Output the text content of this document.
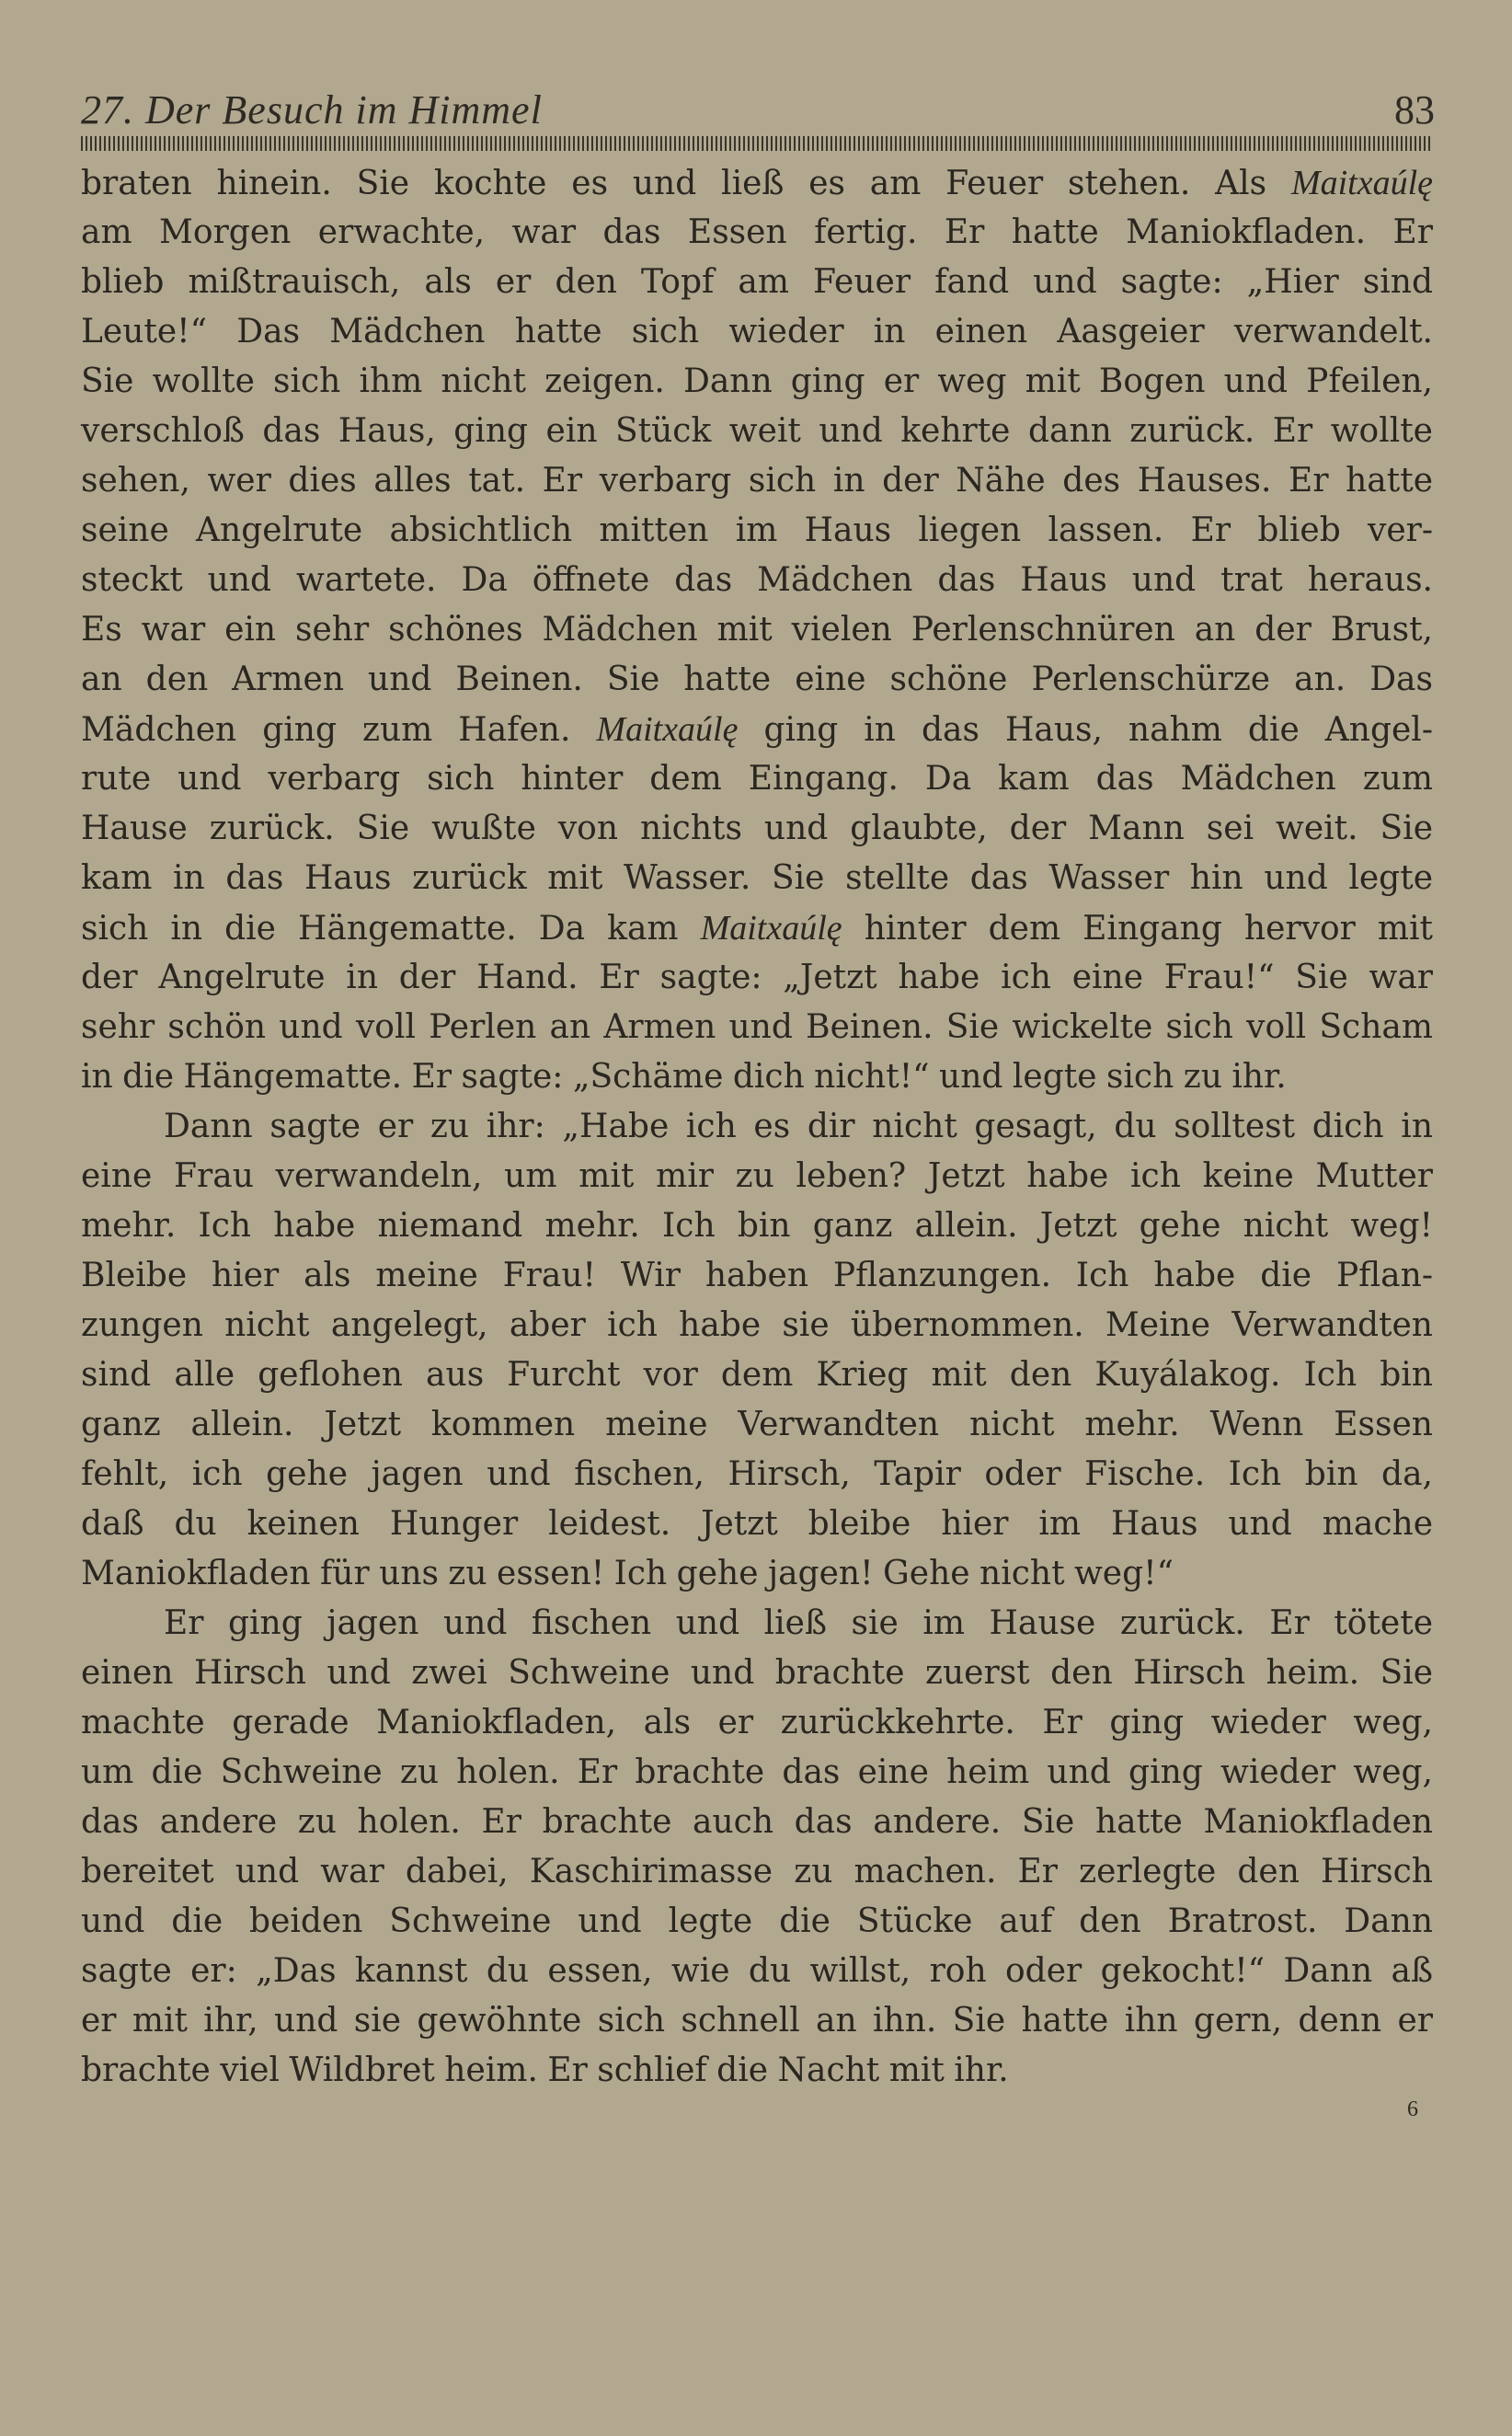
27. Der Besuch im Himmel	83
braten hinein. Sie kochte es und ließ es am Feuer stehen. Als Maitxaúlę
am Morgen erwachte, war das Essen fertig. Er hatte Maniokfladen. Er
blieb mißtrauisch, als er den Topf am Feuer fand und sagte: „Hier sind
Leute!“ Das Mädchen hatte sich wieder in einen Aasgeier verwandelt.
Sie wollte sich ihm nicht zeigen. Dann ging er weg mit Bogen und Pfeilen,
verschloß das Haus, ging ein Stück weit und kehrte dann zurück. Er wollte
sehen, wer dies alles tat. Er verbarg sich in der Nähe des Hauses. Er hatte
seine Angelrute absichtlich mitten im Haus liegen lassen. Er blieb ver-
steckt und wartete. Da öffnete das Mädchen das Haus und trat heraus.
Es war ein sehr schönes Mädchen mit vielen Perlenschnüren an der Brust,
an den Armen und Beinen. Sie hatte eine schöne Perlenschürze an. Das
Mädchen ging zum Hafen. Maitxaúlę ging in das Haus, nahm die Angel-
rute und verbarg sich hinter dem Eingang. Da kam das Mädchen zum
Hause zurück. Sie wußte von nichts und glaubte, der Mann sei weit. Sie
kam in das Haus zurück mit Wasser. Sie stellte das Wasser hin und legte
sich in die Hängematte. Da kam Maitxaúlę hinter dem Eingang hervor mit
der Angelrute in der Hand. Er sagte: „Jetzt habe ich eine Frau!“ Sie war
sehr schön und voll Perlen an Armen und Beinen. Sie wickelte sich voll Scham
in die Hängematte. Er sagte: „Schäme dich nicht!“ und legte sich zu ihr.
Dann sagte er zu ihr: „Habe ich es dir nicht gesagt, du solltest dich in
eine Frau verwandeln, um mit mir zu leben? Jetzt habe ich keine Mutter
mehr. Ich habe niemand mehr. Ich bin ganz allein. Jetzt gehe nicht weg!
Bleibe hier als meine Frau! Wir haben Pflanzungen. Ich habe die Pflan-
zungen nicht angelegt, aber ich habe sie übernommen. Meine Verwandten
sind alle geflohen aus Furcht vor dem Krieg mit den Kuyálakog. Ich bin
ganz allein. Jetzt kommen meine Verwandten nicht mehr. Wenn Essen
fehlt, ich gehe jagen und fischen, Hirsch, Tapir oder Fische. Ich bin da,
daß du keinen Hunger leidest. Jetzt bleibe hier im Haus und mache
Maniokfladen für uns zu essen! Ich gehe jagen! Gehe nicht weg!“
Er ging jagen und fischen und ließ sie im Hause zurück. Er tötete
einen Hirsch und zwei Schweine und brachte zuerst den Hirsch heim. Sie
machte gerade Maniokfladen, als er zurückkehrte. Er ging wieder weg,
um die Schweine zu holen. Er brachte das eine heim und ging wieder weg,
das andere zu holen. Er brachte auch das andere. Sie hatte Maniokfladen
bereitet und war dabei, Kaschirimasse zu machen. Er zerlegte den Hirsch
und die beiden Schweine und legte die Stücke auf den Bratrost. Dann
sagte er: „Das kannst du essen, wie du willst, roh oder gekocht!“ Dann aß
er mit ihr, und sie gewöhnte sich schnell an ihn. Sie hatte ihn gern, denn er
brachte viel Wildbret heim. Er schlief die Nacht mit ihr.
6
